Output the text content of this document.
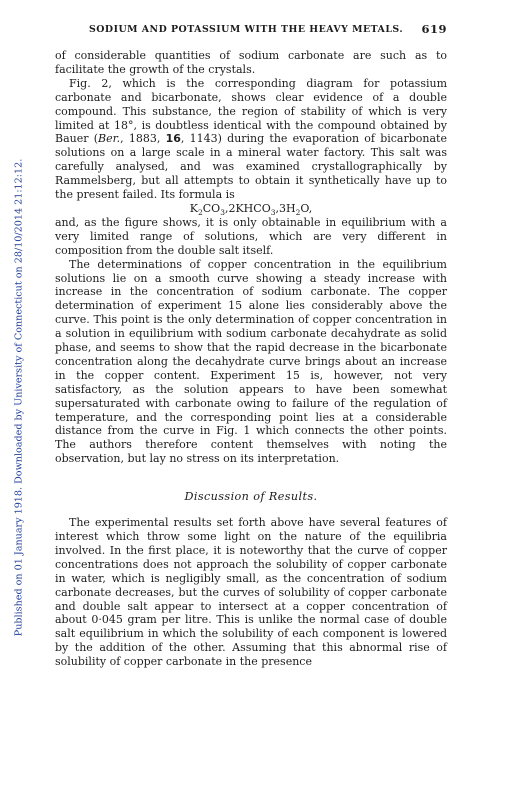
Published on 01 January 1918. Downloaded by University of Connecticut on 28/10/2014 21:12:12.
SODIUM AND POTASSIUM WITH THE HEAVY METALS. 619

of considerable quantities of sodium carbonate are such as to facilitate the growth of the crystals.

Fig. 2, which is the corresponding diagram for potassium carbonate and bicarbonate, shows clear evidence of a double compound. This substance, the region of stability of which is very limited at 18°, is doubtless identical with the compound obtained by Bauer (Ber., 1883, 16, 1143) during the evaporation of bicarbonate solutions on a large scale in a mineral water factory. This salt was carefully analysed, and was examined crystallographically by Rammelsberg, but all attempts to obtain it synthetically have up to the present failed. Its formula is

$K_2CO_3,2KHCO_3,3H_2O$,

and, as the figure shows, it is only obtainable in equilibrium with a very limited range of solutions, which are very different in composition from the double salt itself.

The determinations of copper concentration in the equilibrium solutions lie on a smooth curve showing a steady increase with increase in the concentration of sodium carbonate. The copper determination of experiment 15 alone lies considerably above the curve. This point is the only determination of copper concentration in a solution in equilibrium with sodium carbonate decahydrate as solid phase, and seems to show that the rapid decrease in the bicarbonate concentration along the decahydrate curve brings about an increase in the copper content. Experiment 15 is, however, not very satisfactory, as the solution appears to have been somewhat supersaturated with carbonate owing to failure of the regulation of temperature, and the corresponding point lies at a considerable distance from the curve in Fig. 1 which connects the other points. The authors therefore content themselves with noting the observation, but lay no stress on its interpretation.

Discussion of Results.

The experimental results set forth above have several features of interest which throw some light on the nature of the equilibria involved. In the first place, it is noteworthy that the curve of copper concentrations does not approach the solubility of copper carbonate in water, which is negligibly small, as the concentration of sodium carbonate decreases, but the curves of solubility of copper carbonate and double salt appear to intersect at a copper concentration of about 0·045 gram per litre. This is unlike the normal case of double salt equilibrium in which the solubility of each component is lowered by the addition of the other. Assuming that this abnormal rise of solubility of copper carbonate in the presence
